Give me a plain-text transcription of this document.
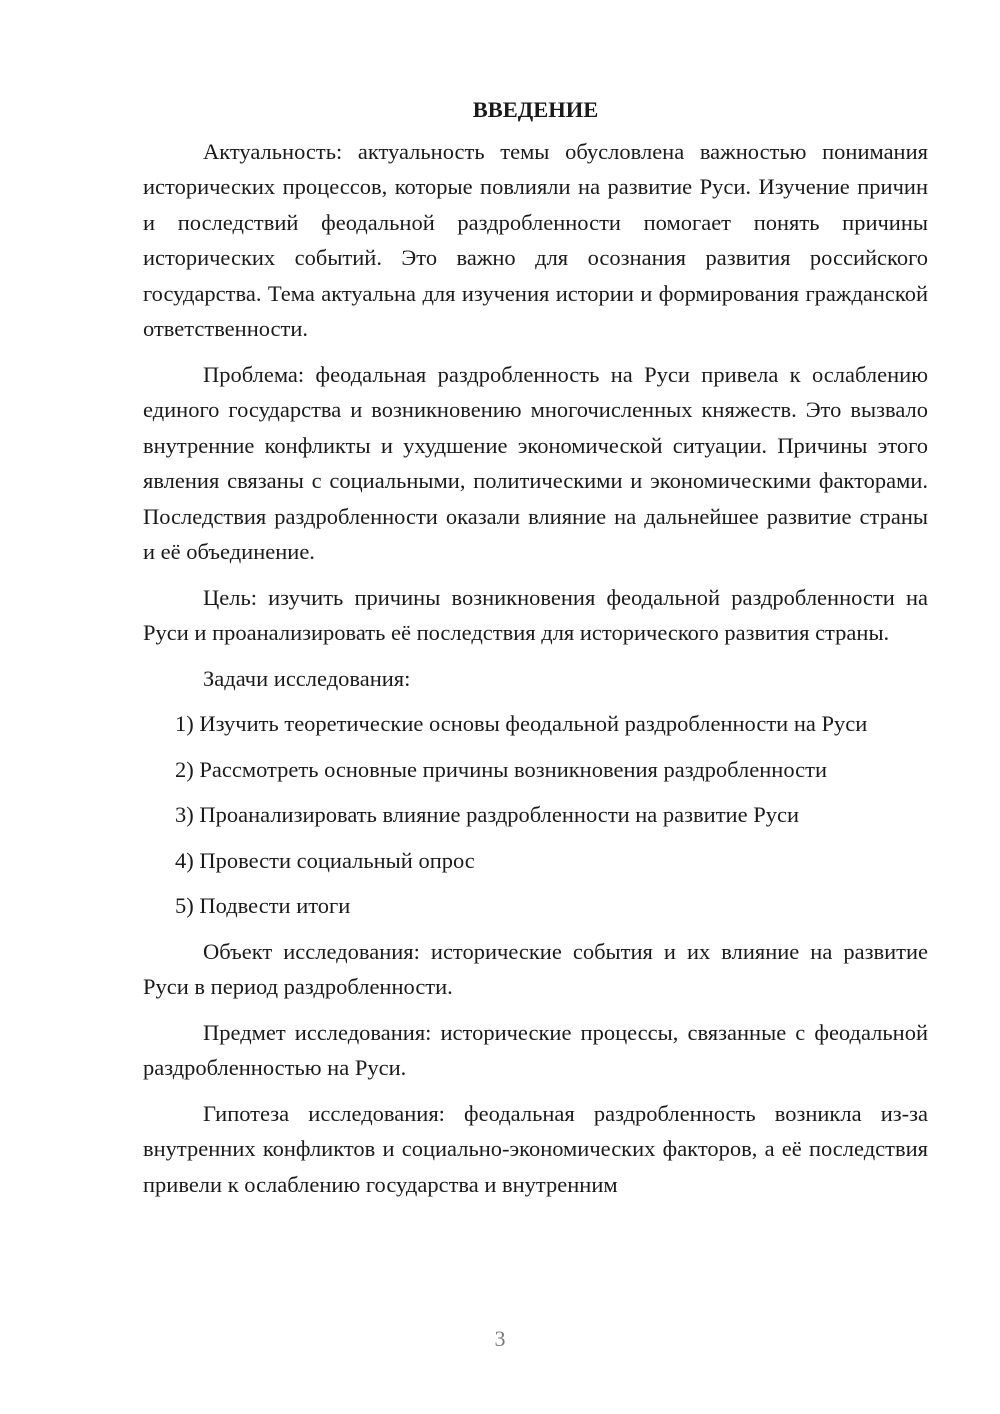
ВВЕДЕНИЕ

Актуальность: актуальность темы обусловлена важностью понимания исторических процессов, которые повлияли на развитие Руси. Изучение причин и последствий феодальной раздробленности помогает понять причины исторических событий. Это важно для осознания развития российского государства. Тема актуальна для изучения истории и формирования гражданской ответственности.

Проблема: феодальная раздробленность на Руси привела к ослаблению единого государства и возникновению многочисленных княжеств. Это вызвало внутренние конфликты и ухудшение экономической ситуации. Причины этого явления связаны с социальными, политическими и экономическими факторами. Последствия раздробленности оказали влияние на дальнейшее развитие страны и её объединение.

Цель: изучить причины возникновения феодальной раздробленности на Руси и проанализировать её последствия для исторического развития страны.

Задачи исследования:

1) Изучить теоретические основы феодальной раздробленности на Руси

2) Рассмотреть основные причины возникновения раздробленности

3) Проанализировать влияние раздробленности на развитие Руси

4) Провести социальный опрос

5) Подвести итоги

Объект исследования: исторические события и их влияние на развитие Руси в период раздробленности.

Предмет исследования: исторические процессы, связанные с феодальной раздробленностью на Руси.

Гипотеза исследования: феодальная раздробленность возникла из-за внутренних конфликтов и социально-экономических факторов, а её последствия привели к ослаблению государства и внутренним

3
